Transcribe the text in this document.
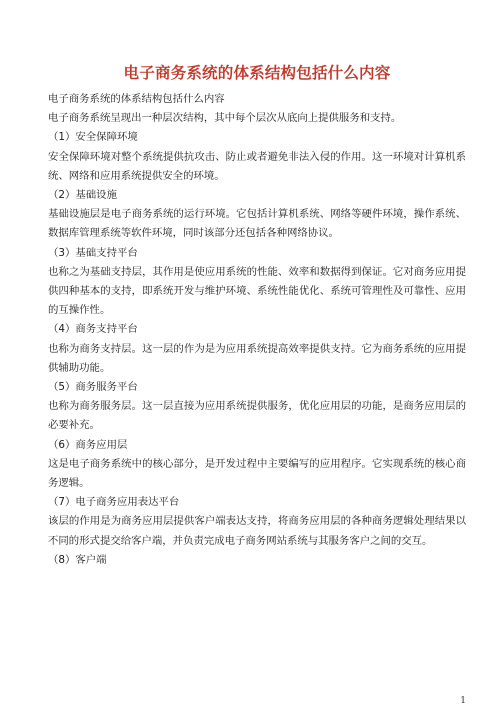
电子商务系统的体系结构包括什么内容

电子商务系统的体系结构包括什么内容

电子商务系统呈现出一种层次结构，其中每个层次从底向上提供服务和支持。

（1）安全保障环境

安全保障环境对整个系统提供抗攻击、防止或者避免非法入侵的作用。这一环境对计算机系统、网络和应用系统提供安全的环境。

（2）基础设施

基础设施层是电子商务系统的运行环境。它包括计算机系统、网络等硬件环境，操作系统、数据库管理系统等软件环境，同时该部分还包括各种网络协议。

（3）基础支持平台

也称之为基础支持层，其作用是使应用系统的性能、效率和数据得到保证。它对商务应用提供四种基本的支持，即系统开发与维护环境、系统性能优化、系统可管理性及可靠性、应用的互操作性。

（4）商务支持平台

也称为商务支持层。这一层的作为是为应用系统提高效率提供支持。它为商务系统的应用提供辅助功能。

（5）商务服务平台

也称为商务服务层。这一层直接为应用系统提供服务，优化应用层的功能，是商务应用层的必要补充。

（6）商务应用层

这是电子商务系统中的核心部分，是开发过程中主要编写的应用程序。它实现系统的核心商务逻辑。

（7）电子商务应用表达平台

该层的作用是为商务应用层提供客户端表达支持，将商务应用层的各种商务逻辑处理结果以不同的形式提交给客户端，并负责完成电子商务网站系统与其服务客户之间的交互。

（8）客户端

1
